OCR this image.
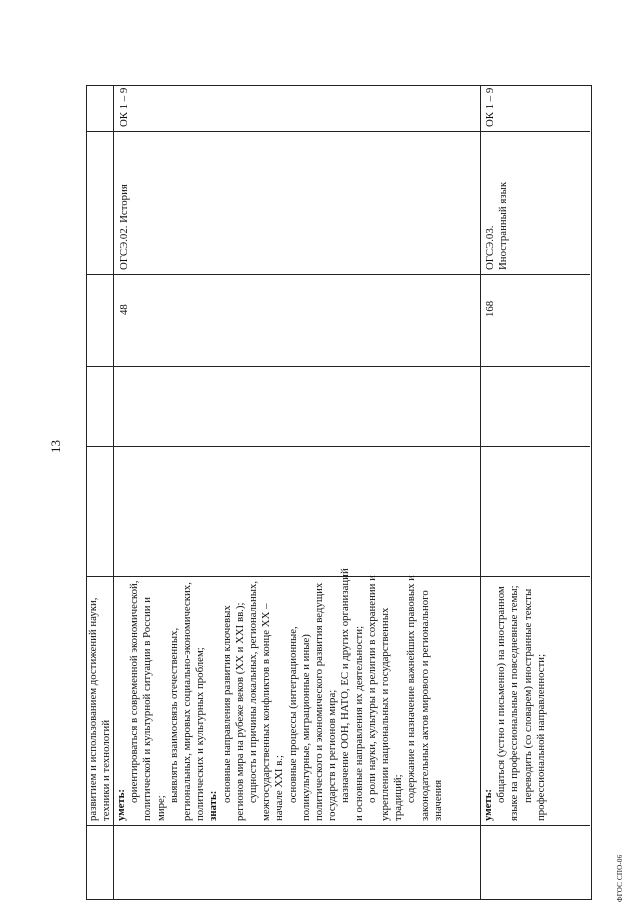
развитием и использованием достижений науки, техники и технологий уметь:
ориентироваться в современной экономической, политической и культурной ситуации в России и мире;
выявлять взаимосвязь отечественных, региональных, мировых социально-экономических, политических и культурных проблем; знать:
основные направления развития ключевых регионов мира на рубеже веков (XX и XXI вв.); сущность и причины локальных, региональных, межгосударственных конфликтов в конце XX – начале XXI в.; основные процессы (интеграционные, поликультурные, миграционные и иные) политического и экономического развития ведущих государств и регионов мира; назначение ООН, НАТО, ЕС и других организаций и основные направления их деятельности; о роли науки, культуры и религии в сохранении и укреплении национальных и государственных традиций; содержание и назначение важнейших правовых и законодательных актов мирового и регионального значения
48
ОГСЭ.02. История
ОК 1 – 9
уметь:
общаться (устно и письменно) на иностранном языке на профессиональные и повседневные темы; переводить (со словарем) иностранные тексты профессиональной направленности;
168
ОГСЭ.03. Иностранный язык
ОК 1 – 9
13
ФГОС СПО-06
